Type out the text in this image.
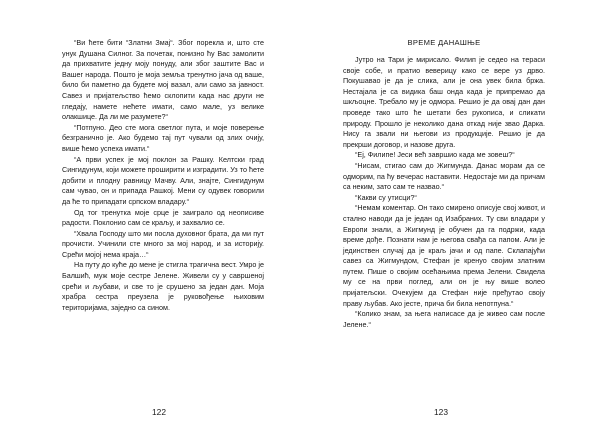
“Ви ћете бити “Златни Змај“. Због порекла и, што сте унук Душана Силног. За почетак, понизно ћу Вас замолити да прихватите једну моју понуду, али због заштите Вас и Вашег народа. Пошто је моја земља тренутно јача од ваше, било би паметно да будете мој вазал, али само за јавност. Савез и пријатељство ћемо склопити када нас други не гледају, намете нећете имати, само мале, уз велике олакшице. Да ли ме разумете?“

“Потпуно. Део сте мога светлог пута, и моје поверење безгранично је. Ако будемо тај пут чували од злих очију, више ћемо успеха имати.“

“А први успех је мој поклон за Рашку. Келтски град Сингидунум, који можете проширити и изградити. Уз то ћете добити и плодну равницу Мачву. Али, знајте, Сингидунум сам чувао, он и припада Рашкој. Мени су одувек говорили да ће то припадати српском владару.“

Од тог тренутка моје срце је заиграло од неописиве радости. Поклонио сам се краљу, и захвалио се.

“Хвала Господу што ми посла духовног брата, да ми пут прочисти. Учинили сте много за мој народ, и за историју. Срећи мојој нема краја…“

На путу до куће до мене је стигла трагична вест. Умро је Балшић, муж моје сестре Јелене. Живели су у савршеној срећи и љубави, и све то је срушено за један дан. Моја храбра сестра преузела је руковођење њиховим територијама, заједно са сином.

122
ВРЕМЕ ДАНАШЊЕ

Јутро на Тари је мирисало. Филип је седео на тераси своје собе, и пратио веверицу како се вере уз дрво. Покушавао је да је слика, али је она увек била бржа. Нестајала је са видика баш онда када је припремао да шкљоцне. Требало му је одмора. Решио је да овај дан дан проведе тако што ће шетати без рукописа, и сликати природу. Прошло је неколико дана откад није звао Дарка. Нису га звали ни његови из продукције. Решио је да прекрши договор, и назове друга.

“Еј, Филипе! Јеси већ завршио када ме зовеш?“

“Нисам, стигао сам до Жигмунда. Данас морам да се одморим, па ћу вечерас наставити. Недостаје ми да причам са неким, зато сам те назвао.“

“Какви су утисци?“

“Немам коментар. Он тако смирено описује свој живот, и стално наводи да је један од Изабраних. Ту сви владари у Европи знали, а Жигмунд је обучен да га подржи, када време дође. Познати нам је његова свађа са папом. Али је јединствен случај да је краљ јачи и од папе. Склапајући савез са Жигмундом, Стефан је кренуо својим златним путем. Пише о својим осећањима према Јелени. Свидела му се на први поглед, али он је њу више волео пријатељски. Очекујем да Стефан није пређутао своју праву љубав. Ако јесте, прича би била непотпуна.“

“Колико знам, за њега написасе да је живео сам после Јелене.“

123
